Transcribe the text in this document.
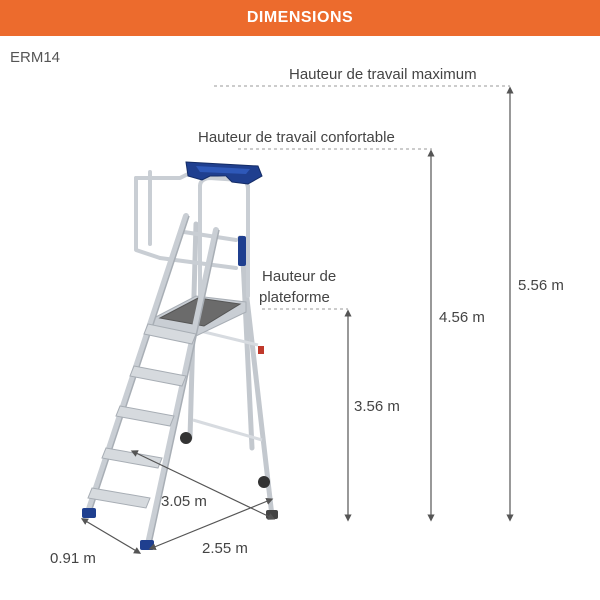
DIMENSIONS
ERM14
Hauteur de travail maximum
Hauteur de travail confortable
Hauteur de
plateforme
5.56 m
4.56 m
3.56 m
3.05 m
2.55 m
0.91 m
